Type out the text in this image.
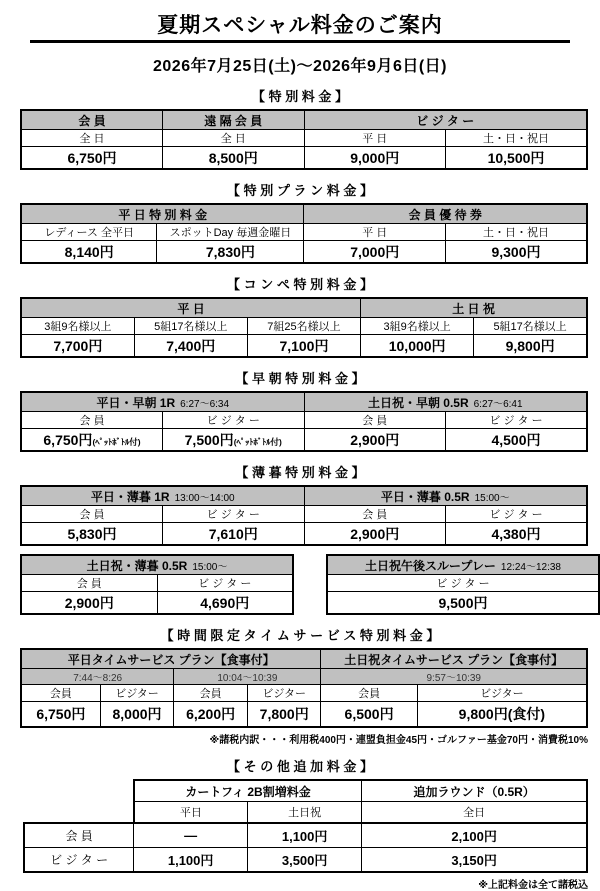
夏期スペシャル料金のご案内
2026年7月25日(土)～2026年9月6日(日)
【 特 別 料 金 】
会 員	遠 隔 会 員	ビ ジ タ ー	
全 日	全 日	平 日	土・日・祝日
6,750円	8,500円	9,000円	10,500円
【 特 別 プ ラ ン 料 金 】
平 日 特 別 料 金		会 員 優 待 券	
レディース 全平日	スポットDay 毎週金曜日	平 日	土・日・祝日
8,140円	7,830円	7,000円	9,300円
【 コ ン ペ 特 別 料 金 】
平 日			土 日 祝	
3組9名様以上	5組17名様以上	7組25名様以上	3組9名様以上	5組17名様以上
7,700円	7,400円	7,100円	10,000円	9,800円
【 早 朝 特 別 料 金 】
平日・早朝 1R 6:27～6:34		土日祝・早朝 0.5R 6:27～6:41	
会 員	ビ ジ タ ー	会 員	ビ ジ タ ー
6,750円(ﾍﾟｯﾄﾎﾞﾄﾙ付)	7,500円(ﾍﾟｯﾄﾎﾞﾄﾙ付)	2,900円	4,500円
【 薄 暮 特 別 料 金 】
平日・薄暮 1R 13:00～14:00		平日・薄暮 0.5R 15:00～	
会 員	ビ ジ タ ー	会 員	ビ ジ タ ー
5,830円	7,610円	2,900円	4,380円
土日祝・薄暮 0.5R 15:00～	
会 員	ビ ジ タ ー
2,900円	4,690円
土日祝午後スループレー 12:24～12:38
ビ ジ タ ー
9,500円
【 時 間 限 定 タ イ ム サ ー ビ ス 特 別 料 金 】
平日タイムサービス プラン【食事付】				土日祝タイムサービス プラン【食事付】	
7:44～8:26		10:04～10:39		9:57～10:39	
会員	ビジター	会員	ビジター	会員	ビジター
6,750円	8,000円	6,200円	7,800円	6,500円	9,800円(食付)
※諸税内訳・・・利用税400円・連盟負担金45円・ゴルファー基金70円・消費税10%
【 そ の 他 追 加 料 金 】
	カートフィ 2B割増料金		追加ラウンド（0.5R）
	平日	土日祝	全日
会 員	―	1,100円	2,100円
ビ ジ タ ー	1,100円	3,500円	3,150円
※上記料金は全て諸税込
